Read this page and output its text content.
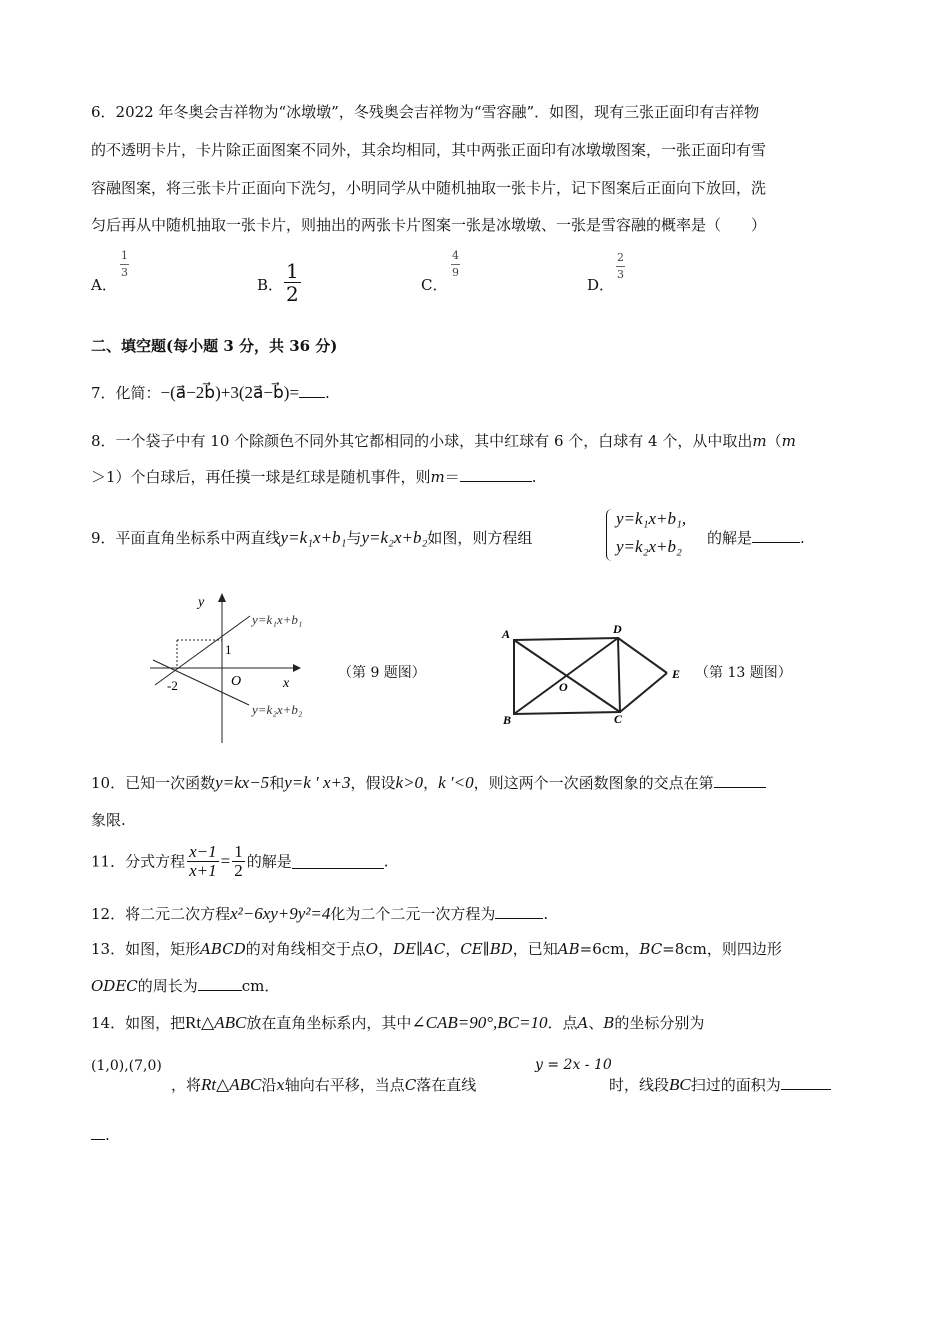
6．2022 年冬奥会吉祥物为“冰墩墩”，冬残奥会吉祥物为“雪容融”．如图，现有三张正面印有吉祥物
的不透明卡片，卡片除正面图案不同外，其余均相同，其中两张正面印有冰墩墩图案，一张正面印有雪
容融图案，将三张卡片正面向下洗匀，小明同学从中随机抽取一张卡片，记下图案后正面向下放回，洗
匀后再从中随机抽取一张卡片，则抽出的两张卡片图案一张是冰墩墩、一张是雪容融的概率是（　　）
A．
1
3
B．
1
2	C．
4
9
D．
2
3
二、填空题(每小题 3 分，共 36 分)
7．化简：−(a⃗−2b⃗)+3(2a⃗−b⃗)= .
8．一个袋子中有 10 个除颜色不同外其它都相同的小球，其中红球有 6 个，白球有 4 个，从中取出m（m
＞1）个白球后，再任摸一球是红球是随机事件，则m＝	.
9．平面直角坐标系中两直线y=k₁x+b₁与y=k₂x+b₂如图，则方程组
y=k₁x+b₁,
y=k₂x+b₂ 的解是	.
y
x
O
-2
1
y=k₁x+b₁
y=k₂x+b₂
（第 9 题图）
A
B	C
D
E
O
（第 13 题图）
10．已知一次函数y=kx−5和y=k ′ x+3，假设k>0，k ′<0，则这两个一次函数图象的交点在第
象限.
11．分式方程 $\frac{x-1}{x+1} = \frac{1}{2}$ 的解是	.
12．将二元二次方程x²−6xy+9y²=4化为二个二元一次方程为	.
13．如图，矩形ABCD的对角线相交于点O，DE∥AC，CE∥BD，已知AB=6cm，BC=8cm，则四边形
ODEC的周长为	cm．
14．如图，把Rt△ABC放在直角坐标系内，其中∠CAB=90°,BC=10．点A、B的坐标分别为
(1,0),(7,0)
，将Rt△ABC沿x轴向右平移，当点C落在直线
y = 2x - 10
时，线段BC扫过的面积为
.
